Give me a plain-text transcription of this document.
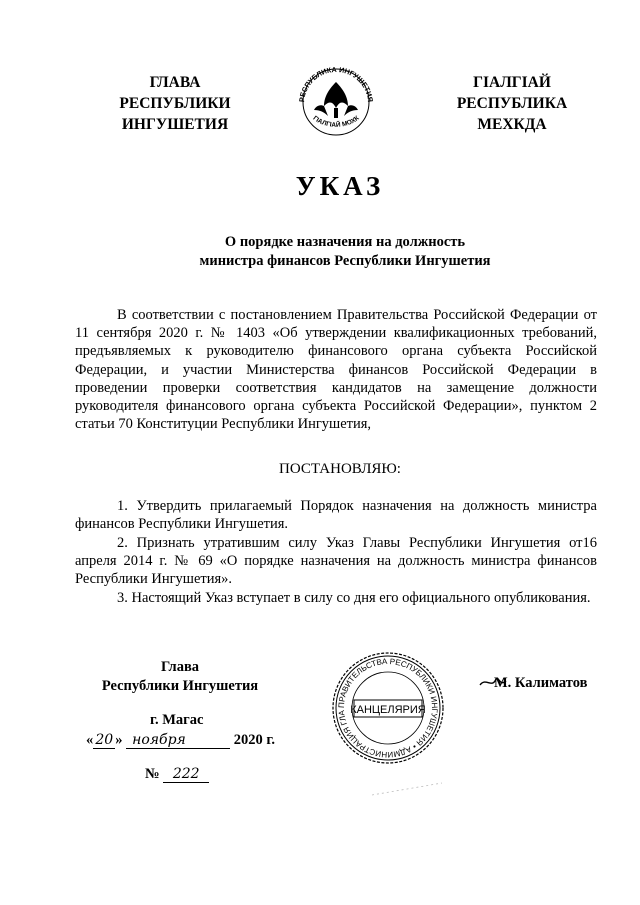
ГЛАВА
РЕСПУБЛИКИ
ИНГУШЕТИЯ
РЕСПУБЛИКА ИНГУШЕТИЯ
ГIАЛГIАЙ МОХК
ГIАЛГIАЙ
РЕСПУБЛИКА
МЕХКДА
УКАЗ
О порядке назначения на должность
министра финансов Республики Ингушетия
В соответствии с постановлением Правительства Российской Федерации от 11 сентября 2020 г. № 1403 «Об утверждении квалификационных требований, предъявляемых к руководителю финансового органа субъекта Российской Федерации, и участии Министерства финансов Российской Федерации в проведении проверки соответствия кандидатов на замещение должности руководителя финансового органа субъекта Российской Федерации», пунктом 2 статьи 70 Конституции Республики Ингушетия,
ПОСТАНОВЛЯЮ:
1. Утвердить прилагаемый Порядок назначения на должность министра финансов Республики Ингушетия.
2. Признать утратившим силу Указ Главы Республики Ингушетия от16 апреля 2014 г. № 69 «О порядке назначения на должность министра финансов Республики Ингушетия».
3. Настоящий Указ вступает в силу со дня его официального опубликования.
Глава
Республики Ингушетия	М. Калиматов
г. Магас
« 20 » ноября	2020 г.
№ 222
ПРАВИТЕЛЬСТВА РЕСПУБЛИКИ ИНГУШЕТИЯ • АДМИНИСТРАЦИЯ ГЛА КАНЦЕЛЯРИЯ
